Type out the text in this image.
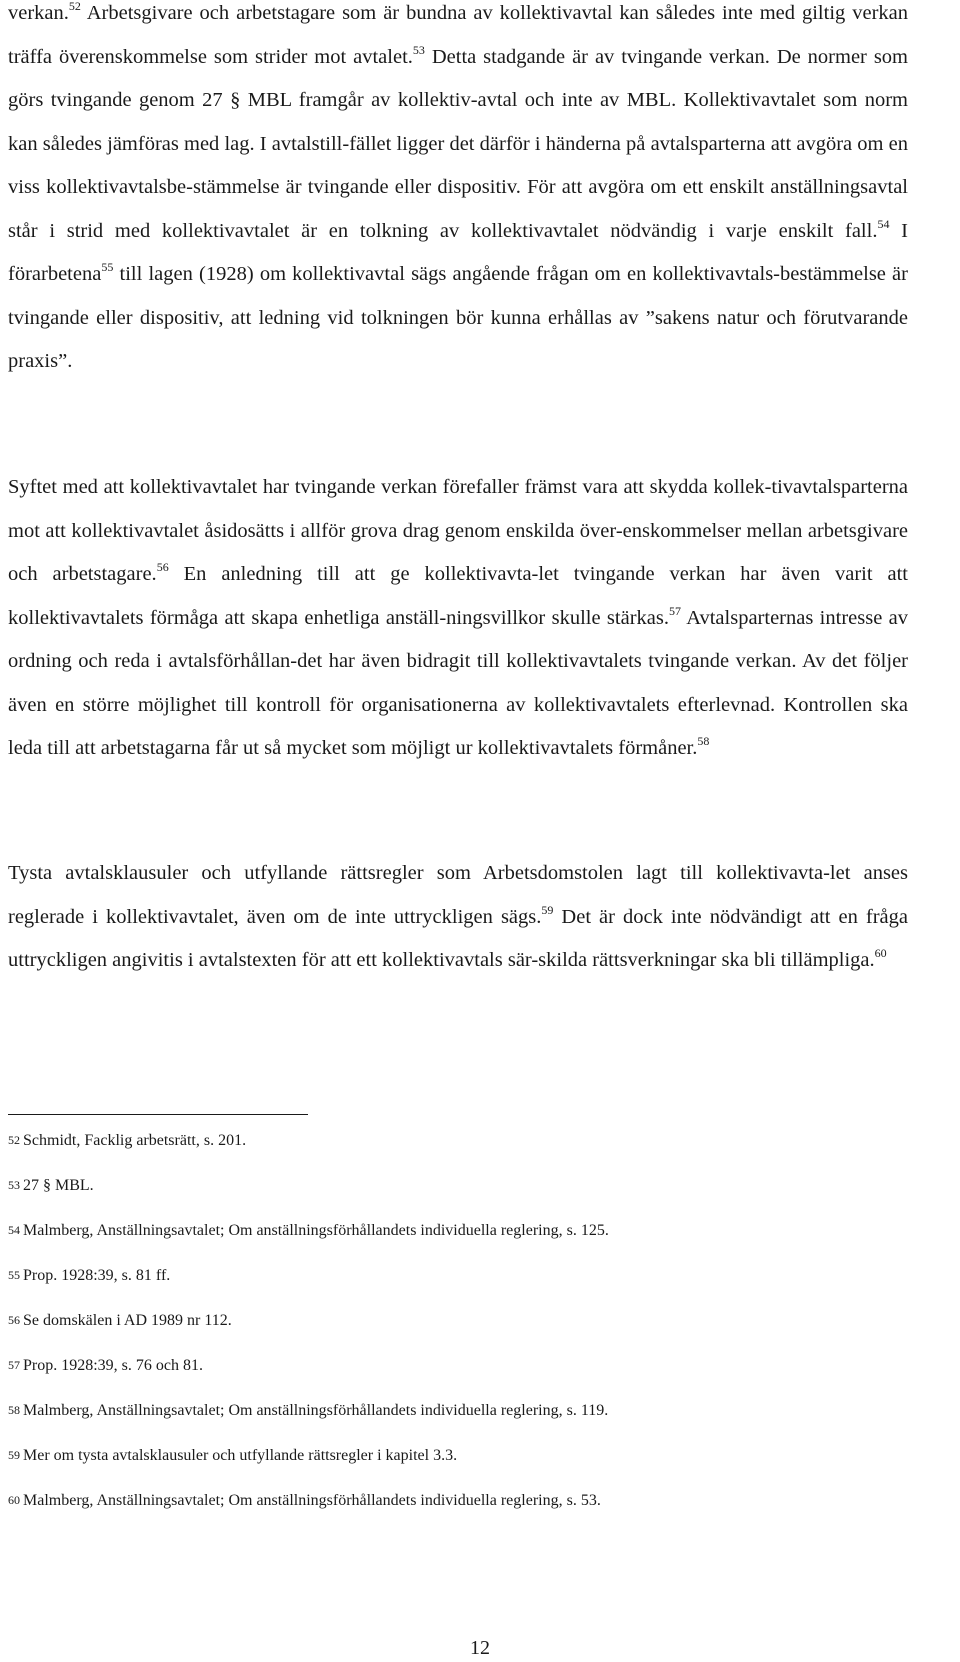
verkan.$^{52}$ Arbetsgivare och arbetstagare som är bundna av kollektivavtal kan således inte med giltig verkan träffa överenskommelse som strider mot avtalet.$^{53}$ Detta stadgande är av tvingande verkan. De normer som görs tvingande genom 27 § MBL framgår av kollektiv-avtal och inte av MBL. Kollektivavtalet som norm kan således jämföras med lag. I avtalstill-fället ligger det därför i händerna på avtalsparterna att avgöra om en viss kollektivavtalsbe-stämmelse är tvingande eller dispositiv. För att avgöra om ett enskilt anställningsavtal står i strid med kollektivavtalet är en tolkning av kollektivavtalet nödvändig i varje enskilt fall.$^{54}$ I förarbetena$^{55}$ till lagen (1928) om kollektivavtal sägs angående frågan om en kollektivavtals-bestämmelse är tvingande eller dispositiv, att ledning vid tolkningen bör kunna erhållas av ”sakens natur och förutvarande praxis”.

Syftet med att kollektivavtalet har tvingande verkan förefaller främst vara att skydda kollek-tivavtalsparterna mot att kollektivavtalet åsidosätts i allför grova drag genom enskilda över-enskommelser mellan arbetsgivare och arbetstagare.$^{56}$ En anledning till att ge kollektivavta-let tvingande verkan har även varit att kollektivavtalets förmåga att skapa enhetliga anställ-ningsvillkor skulle stärkas.$^{57}$ Avtalsparternas intresse av ordning och reda i avtalsförhållan-det har även bidragit till kollektivavtalets tvingande verkan. Av det följer även en större möjlighet till kontroll för organisationerna av kollektivavtalets efterlevnad. Kontrollen ska leda till att arbetstagarna får ut så mycket som möjligt ur kollektivavtalets förmåner.$^{58}$

Tysta avtalsklausuler och utfyllande rättsregler som Arbetsdomstolen lagt till kollektivavta-let anses reglerade i kollektivavtalet, även om de inte uttryckligen sägs.$^{59}$ Det är dock inte nödvändigt att en fråga uttryckligen angivitis i avtalstexten för att ett kollektivavtals sär-skilda rättsverkningar ska bli tillämpliga.$^{60}$

52 Schmidt, Facklig arbetsrätt, s. 201.
53 27 § MBL.
54 Malmberg, Anställningsavtalet; Om anställningsförhållandets individuella reglering, s. 125.
55 Prop. 1928:39, s. 81 ff.
56 Se domskälen i AD 1989 nr 112.
57 Prop. 1928:39, s. 76 och 81.
58 Malmberg, Anställningsavtalet; Om anställningsförhållandets individuella reglering, s. 119.
59 Mer om tysta avtalsklausuler och utfyllande rättsregler i kapitel 3.3.
60 Malmberg, Anställningsavtalet; Om anställningsförhållandets individuella reglering, s. 53.
12
